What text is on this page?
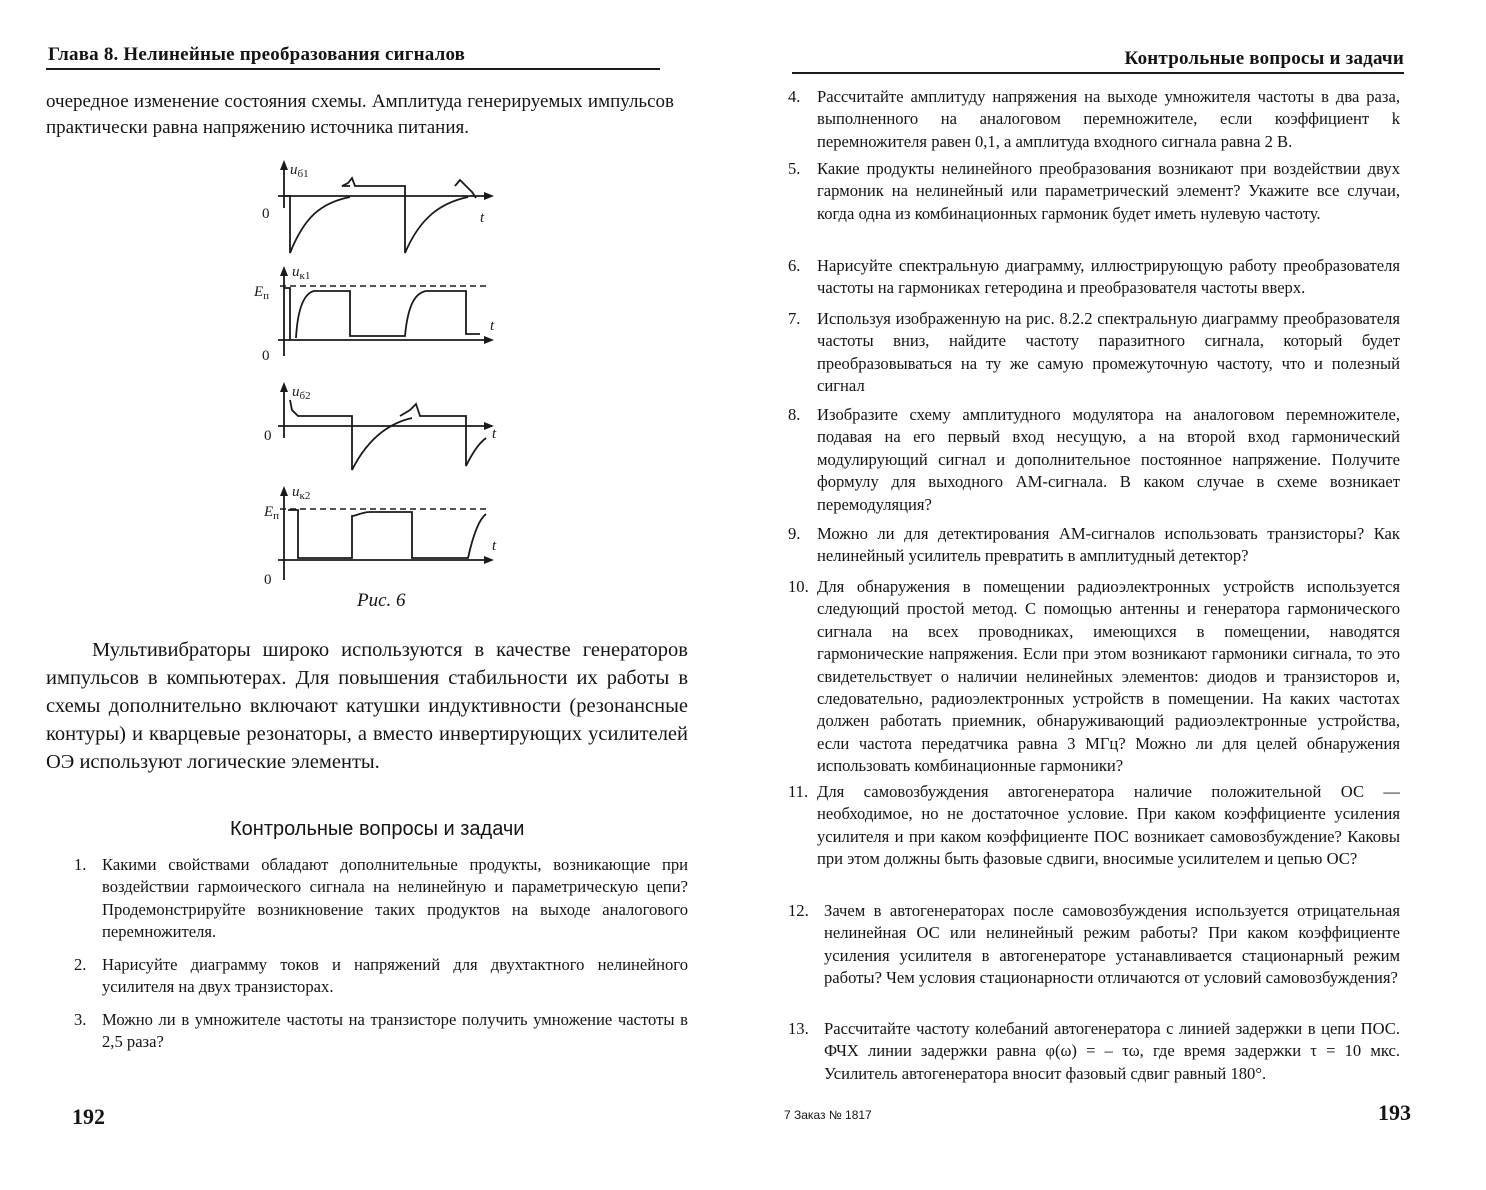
Глава 8. Нелинейные преобразования сигналов
очередное изменение состояния схемы. Амплитуда генерируемых импульсов практически равна напряжению источника питания.
$u_{б1}$
0	t
$u_{к1}$
$E_п$
0
t
$u_{б2}$
0	t
$u_{к2}$
$E_п$
0
t
Рис. 6
Мультивибраторы широко используются в качестве генераторов импульсов в компьютерах. Для повышения стабильности их работы в схемы дополнительно включают катушки индуктивности (резонансные контуры) и кварцевые резонаторы, а вместо инвертирующих усилителей ОЭ используют логические элементы.
Контрольные вопросы и задачи
1. Какими свойствами обладают дополнительные продукты, возникающие при воздействии гармоического сигнала на нелинейную и параметрическую цепи? Продемонстрируйте возникновение таких продуктов на выходе аналогового перемножителя.
2. Нарисуйте диаграмму токов и напряжений для двухтактного нелинейного усилителя на двух транзисторах.
3. Можно ли в умножителе частоты на транзисторе получить умножение частоты в 2,5 раза?
192
Контрольные вопросы и задачи
4. Рассчитайте амплитуду напряжения на выходе умножителя частоты в два раза, выполненного на аналоговом перемножителе, если коэффициент k перемножителя равен 0,1, а амплитуда входного сигнала равна 2 В.
5. Какие продукты нелинейного преобразования возникают при воздействии двух гармоник на нелинейный или параметрический элемент? Укажите все случаи, когда одна из комбинационных гармоник будет иметь нулевую частоту.
6. Нарисуйте спектральную диаграмму, иллюстрирующую работу преобразователя частоты на гармониках гетеродина и преобразователя частоты вверх.
7. Используя изображенную на рис. 8.2.2 спектральную диаграмму преобразователя частоты вниз, найдите частоту паразитного сигнала, который будет преобразовываться на ту же самую промежуточную частоту, что и полезный сигнал
8. Изобразите схему амплитудного модулятора на аналоговом перемножителе, подавая на его первый вход несущую, а на второй вход гармонический модулирующий сигнал и дополнительное постоянное напряжение. Получите формулу для выходного АМ-сигнала. В каком случае в схеме возникает перемодуляция?
9. Можно ли для детектирования АМ-сигналов использовать транзисторы? Как нелинейный усилитель превратить в амплитудный детектор?
10. Для обнаружения в помещении радиоэлектронных устройств используется следующий простой метод. С помощью антенны и генератора гармонического сигнала на всех проводниках, имеющихся в помещении, наводятся гармонические напряжения. Если при этом возникают гармоники сигнала, то это свидетельствует о наличии нелинейных элементов: диодов и транзисторов и, следовательно, радиоэлектронных устройств в помещении. На каких частотах должен работать приемник, обнаруживающий радиоэлектронные устройства, если частота передатчика равна 3 МГц? Можно ли для целей обнаружения использовать комбинационные гармоники?
11. Для самовозбуждения автогенератора наличие положительной ОС — необходимое, но не достаточное условие. При каком коэффициенте усиления усилителя и при каком коэффициенте ПОС возникает самовозбуждение? Каковы при этом должны быть фазовые сдвиги, вносимые усилителем и цепью ОС?
12. Зачем в автогенераторах после самовозбуждения используется отрицательная нелинейная ОС или нелинейный режим работы? При каком коэффициенте усиления усилителя в автогенераторе устанавливается стационарный режим работы? Чем условия стационарности отличаются от условий самовозбуждения?
13. Рассчитайте частоту колебаний автогенератора с линией задержки в цепи ПОС. ФЧХ линии задержки равна φ(ω) = – τω, где время задержки τ = 10 мкс. Усилитель автогенератора вносит фазовый сдвиг равный 180°.
7 Заказ № 1817	193
